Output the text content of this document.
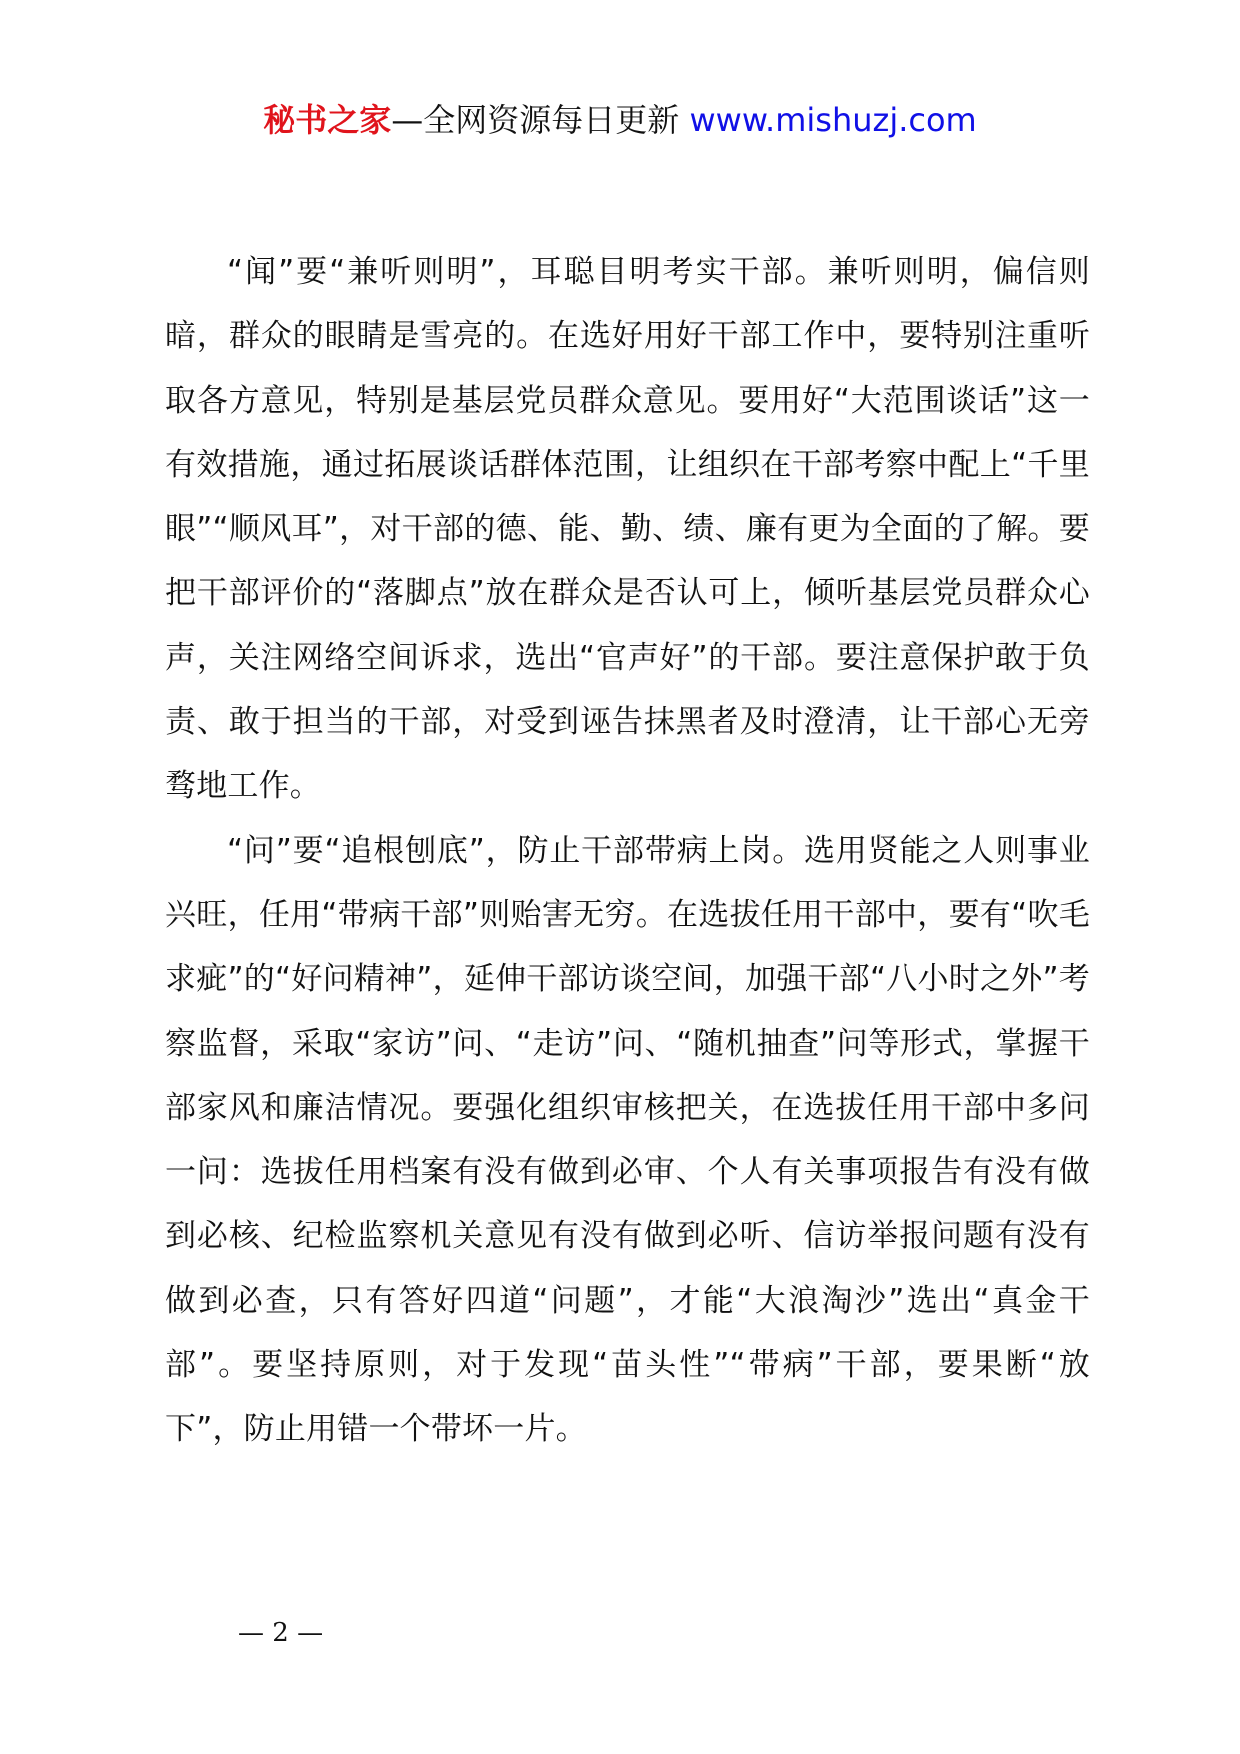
秘书之家—全网资源每日更新 www.mishuzj.com

“闻”要“兼听则明”，耳聪目明考实干部。兼听则明，偏信则暗，群众的眼睛是雪亮的。在选好用好干部工作中，要特别注重听取各方意见，特别是基层党员群众意见。要用好“大范围谈话”这一有效措施，通过拓展谈话群体范围，让组织在干部考察中配上“千里眼”“顺风耳”，对干部的德、能、勤、绩、廉有更为全面的了解。要把干部评价的“落脚点”放在群众是否认可上，倾听基层党员群众心声，关注网络空间诉求，选出“官声好”的干部。要注意保护敢于负责、敢于担当的干部，对受到诬告抹黑者及时澄清，让干部心无旁骛地工作。

“问”要“追根刨底”，防止干部带病上岗。选用贤能之人则事业兴旺，任用“带病干部”则贻害无穷。在选拔任用干部中，要有“吹毛求疵”的“好问精神”，延伸干部访谈空间，加强干部“八小时之外”考察监督，采取“家访”问、“走访”问、“随机抽查”问等形式，掌握干部家风和廉洁情况。要强化组织审核把关，在选拔任用干部中多问一问：选拔任用档案有没有做到必审、个人有关事项报告有没有做到必核、纪检监察机关意见有没有做到必听、信访举报问题有没有做到必查，只有答好四道“问题”，才能“大浪淘沙”选出“真金干部”。要坚持原则，对于发现“苗头性”“带病”干部，要果断“放下”，防止用错一个带坏一片。

— 2 —
